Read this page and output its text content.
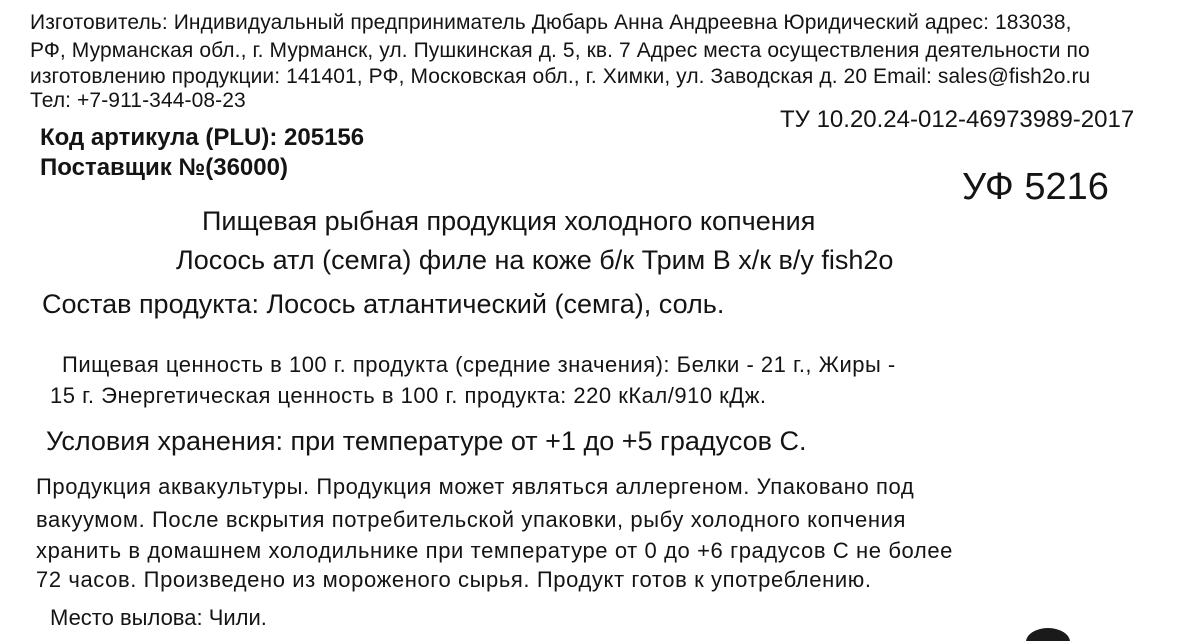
Изготовитель: Индивидуальный предприниматель Дюбарь Анна Андреевна Юридический адрес: 183038,
РФ, Мурманская обл., г. Мурманск, ул. Пушкинская д. 5, кв. 7 Адрес места осуществления деятельности по
изготовлению продукции: 141401, РФ, Московская обл., г. Химки, ул. Заводская д. 20 Email: sales@fish2o.ru
Тел: +7-911-344-08-23
Код артикула (PLU): 205156
Поставщик №(36000)
ТУ 10.20.24-012-46973989-2017
УФ 5216
Пищевая рыбная продукция холодного копчения
Лосось атл (семга) филе на коже б/к Трим В х/к в/у fish2o
Состав продукта: Лосось атлантический (семга), соль.
Пищевая ценность в 100 г. продукта (средние значения): Белки - 21 г., Жиры -
15 г. Энергетическая ценность в 100 г. продукта: 220 кКал/910 кДж.
Условия хранения: при температуре от +1 до +5 градусов С.
Продукция аквакультуры. Продукция может являться аллергеном. Упаковано под
вакуумом. После вскрытия потребительской упаковки, рыбу холодного копчения
хранить в домашнем холодильнике при температуре от 0 до +6 градусов С не более
72 часов. Произведено из мороженого сырья. Продукт готов к употреблению.
Место вылова: Чили.
